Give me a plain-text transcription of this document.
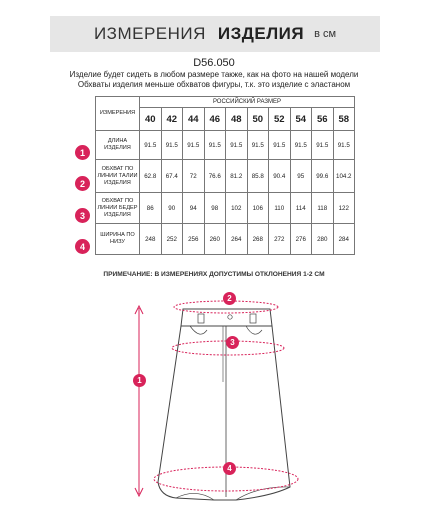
ИЗМЕРЕНИЯ ИЗДЕЛИЯ в см
D56.050
Изделие будет сидеть в любом размере также, как на фото на нашей модели
Обхваты изделия меньше обхватов фигуры, т.к. это изделие с эластаном
ИЗМЕРЕНИЯ	РОССИЙСКИЙ РАЗМЕР									
	40	42	44	46	48	50	52	54	56	58
ДЛИНА ИЗДЕЛИЯ	91.5	91.5	91.5	91.5	91.5	91.5	91.5	91.5	91.5	91.5
ОБХВАТ ПО ЛИНИИ ТАЛИИ ИЗДЕЛИЯ	62.8	67.4	72	76.6	81.2	85.8	90.4	95	99.6	104.2
ОБХВАТ ПО ЛИНИИ БЕДЕР ИЗДЕЛИЯ	86	90	94	98	102	106	110	114	118	122
ШИРИНА ПО НИЗУ	248	252	256	260	264	268	272	276	280	284
1
2
3
4
ПРИМЕЧАНИЕ: В ИЗМЕРЕНИЯХ ДОПУСТИМЫ ОТКЛОНЕНИЯ 1-2 СМ
2
3
1
4
